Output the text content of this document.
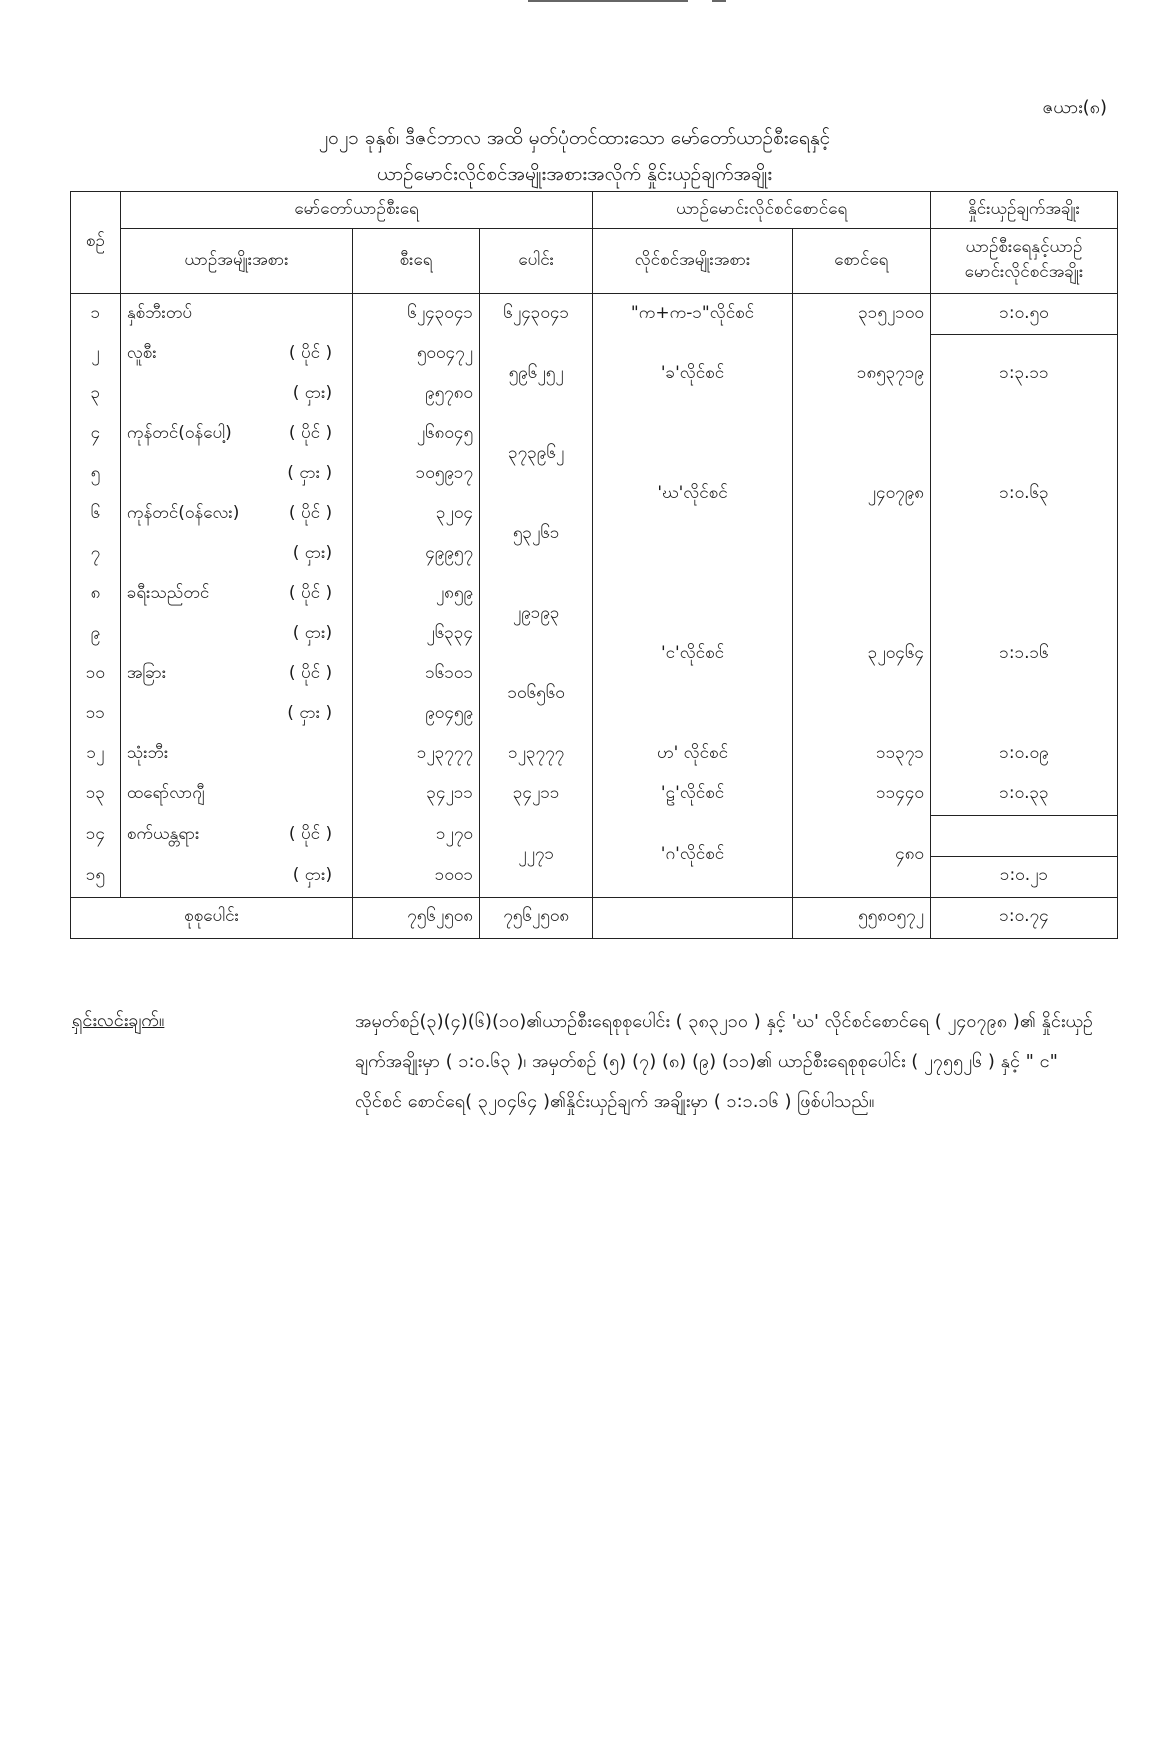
ဇယား(၈)
၂၀၂၁ ခုနှစ်၊ ဒီဇင်ဘာလ အထိ မှတ်ပုံတင်ထားသော မော်တော်ယာဉ်စီးရေနှင့်
ယာဉ်မောင်းလိုင်စင်အမျိုးအစားအလိုက် နှိုင်းယှဉ်ချက်အချိုး
စဉ်	မော်တော်ယာဉ်စီးရေ			ယာဉ်မောင်းလိုင်စင်စောင်ရေ		နှိုင်းယှဉ်ချက်အချိုး
	ယာဉ်အမျိုးအစား	စီးရေ	ပေါင်း	လိုင်စင်အမျိုးအစား	စောင်ရေ	ယာဉ်စီးရေနှင့်ယာဉ်
မောင်းလိုင်စင်အချိုး

၁	နှစ်ဘီးတပ်	၆၂၄၃၀၄၁	၆၂၄၃၀၄၁	"က+က-၁"လိုင်စင်	၃၁၅၂၁၀၀	၁:၀.၅၀
၂	လူစီး ( ပိုင် )	၅၀၀၄၇၂	၅၉၆၂၅၂	'ခ'လိုင်စင်	၁၈၅၃၇၁၉	၁:၃.၁၁
၃	( ငှား)	၉၅၇၈၀				
၄	ကုန်တင်(ဝန်ပေါ့) ( ပိုင် )	၂၆၈၀၄၅	၃၇၃၉၆၂	'ဃ'လိုင်စင်	၂၄၀၇၉၈	၁:၀.၆၃
၅	( ငှား )	၁၀၅၉၁၇				
၆	ကုန်တင်(ဝန်လေး) ( ပိုင် )	၃၂၀၄	၅၃၂၆၁			
၇	( ငှား)	၄၉၉၅၇				
၈	ခရီးသည်တင် ( ပိုင် )	၂၈၅၉	၂၉၁၉၃	'င'လိုင်စင်	၃၂၀၄၆၄	၁:၁.၁၆
၉	( ငှား)	၂၆၃၃၄				
၁၀	အခြား ( ပိုင် )	၁၆၁၀၁	၁၀၆၅၆၀			
၁၁	( ငှား )	၉၀၄၅၉				
၁၂	သုံးဘီး	၁၂၃၇၇၇	၁၂၃၇၇၇	ဟ' လိုင်စင်	၁၁၃၇၁	၁:၀.၀၉
၁၃	ထရော်လာဂျီ	၃၄၂၁၁	၃၄၂၁၁	'ဠ'လိုင်စင်	၁၁၄၄၀	၁:၀.၃၃
၁၄	စက်ယန္တရား ( ပိုင် )	၁၂၇၀	၂၂၇၁	'ဂ'လိုင်စင်	၄၈၀	
၁၅	( ငှား)	၁၀၀၁				၁:၀.၂၁
စုစုပေါင်း		၇၅၆၂၅၀၈	၇၅၆၂၅၀၈		၅၅၈၀၅၇၂	၁:၀.၇၄
ရှင်းလင်းချက်။	အမှတ်စဉ်(၃)(၄)(၆)(၁၀)၏ယာဉ်စီးရေစုစုပေါင်း ( ၃၈၃၂၁၀ ) နှင့် 'ဃ' လိုင်စင်စောင်ရေ ( ၂၄၀၇၉၈ )၏ နှိုင်းယှဉ်ချက်အချိုးမှာ ( ၁:၀.၆၃ )၊ အမှတ်စဉ် (၅) (၇) (၈) (၉) (၁၁)၏ ယာဉ်စီးရေစုစုပေါင်း ( ၂၇၅၅၂၆ ) နှင့် " င" လိုင်စင် စောင်ရေ( ၃၂၀၄၆၄ )၏နှိုင်းယှဉ်ချက် အချိုးမှာ ( ၁:၁.၁၆ ) ဖြစ်ပါသည်။
